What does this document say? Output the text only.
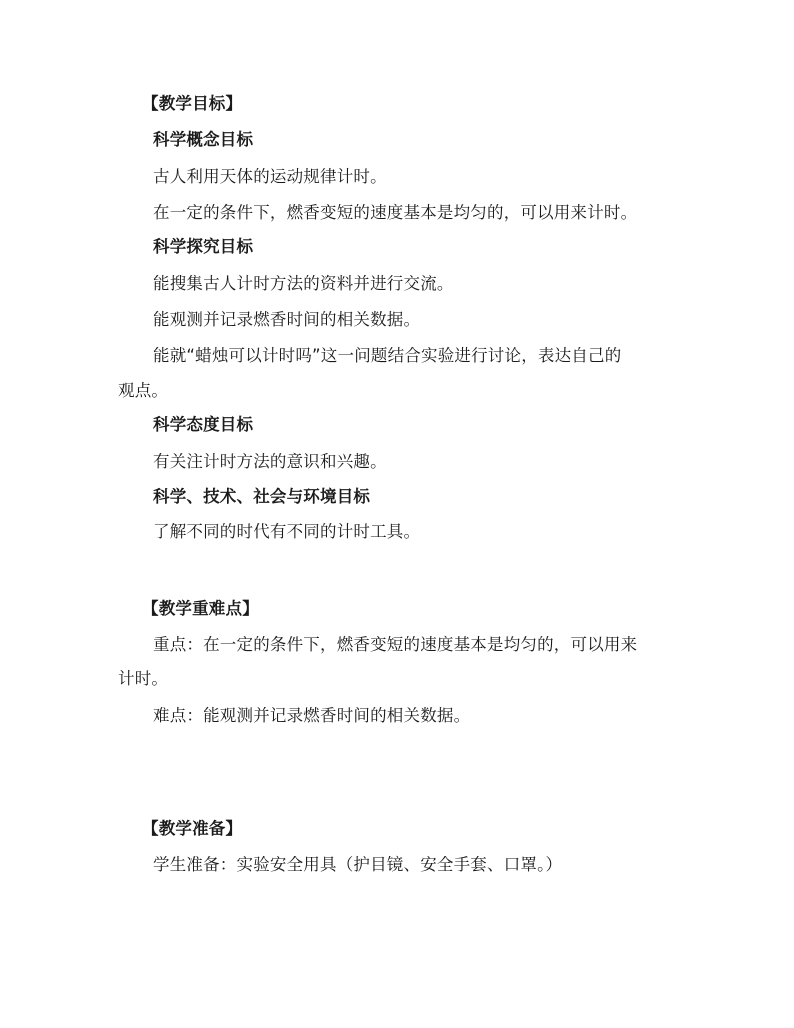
【教学目标】
科学概念目标
古人利用天体的运动规律计时。
在一定的条件下，燃香变短的速度基本是均匀的，可以用来计时。
科学探究目标
能搜集古人计时方法的资料并进行交流。
能观测并记录燃香时间的相关数据。
能就“蜡烛可以计时吗”这一问题结合实验进行讨论，表达自己的
观点。
科学态度目标
有关注计时方法的意识和兴趣。
科学、技术、社会与环境目标
了解不同的时代有不同的计时工具。
【教学重难点】
重点：在一定的条件下，燃香变短的速度基本是均匀的，可以用来
计时。
难点：能观测并记录燃香时间的相关数据。
【教学准备】
学生准备：实验安全用具（护目镜、安全手套、口罩。）
